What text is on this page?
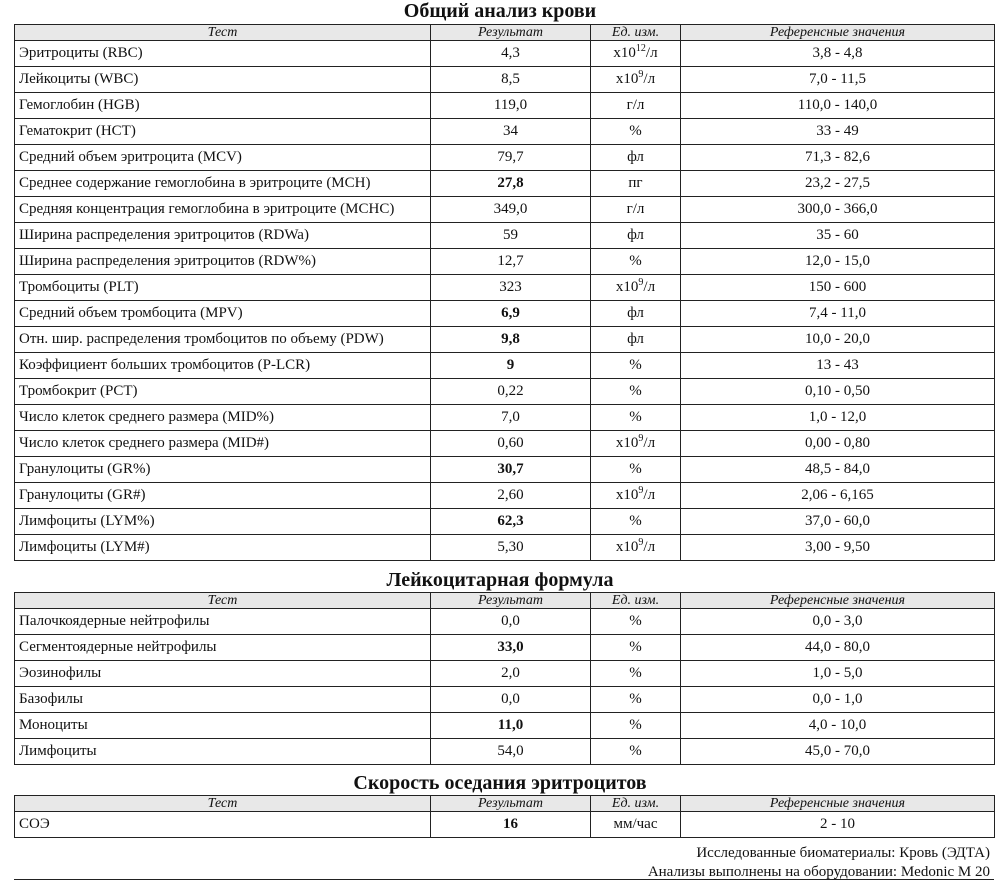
Общий анализ крови
Тест	Результат	Ед. изм.	Референсные значения
Эритроциты (RBC)	4,3	$x10^{12}/л$	3,8 - 4,8
Лейкоциты (WBC)	8,5	$x10^9/л$	7,0 - 11,5
Гемоглобин (HGB)	119,0	г/л	110,0 - 140,0
Гематокрит (HCT)	34	%	33 - 49
Средний объем эритроцита (MCV)	79,7	фл	71,3 - 82,6
Среднее содержание гемоглобина в эритроците (MCH)	27,8	пг	23,2 - 27,5
Средняя концентрация гемоглобина в эритроците (MCHC)	349,0	г/л	300,0 - 366,0
Ширина распределения эритроцитов (RDWa)	59	фл	35 - 60
Ширина распределения эритроцитов (RDW%)	12,7	%	12,0 - 15,0
Тромбоциты (PLT)	323	$x10^9/л$	150 - 600
Средний объем тромбоцита (MPV)	6,9	фл	7,4 - 11,0
Отн. шир. распределения тромбоцитов по объему (PDW)	9,8	фл	10,0 - 20,0
Коэффициент больших тромбоцитов (P-LCR)	9	%	13 - 43
Тромбокрит (PCT)	0,22	%	0,10 - 0,50
Число клеток среднего размера (MID%)	7,0	%	1,0 - 12,0
Число клеток среднего размера (MID#)	0,60	$x10^9/л$	0,00 - 0,80
Гранулоциты (GR%)	30,7	%	48,5 - 84,0
Гранулоциты (GR#)	2,60	$x10^9/л$	2,06 - 6,165
Лимфоциты (LYM%)	62,3	%	37,0 - 60,0
Лимфоциты (LYM#)	5,30	$x10^9/л$	3,00 - 9,50
Лейкоцитарная формула
Тест	Результат	Ед. изм.	Референсные значения
Палочкоядерные нейтрофилы	0,0	%	0,0 - 3,0
Сегментоядерные нейтрофилы	33,0	%	44,0 - 80,0
Эозинофилы	2,0	%	1,0 - 5,0
Базофилы	0,0	%	0,0 - 1,0
Моноциты	11,0	%	4,0 - 10,0
Лимфоциты	54,0	%	45,0 - 70,0
Скорость оседания эритроцитов
Тест	Результат	Ед. изм.	Референсные значения
СОЭ	16	мм/час	2 - 10
Исследованные биоматериалы: Кровь (ЭДТА)
Анализы выполнены на оборудовании: Medonic M 20
